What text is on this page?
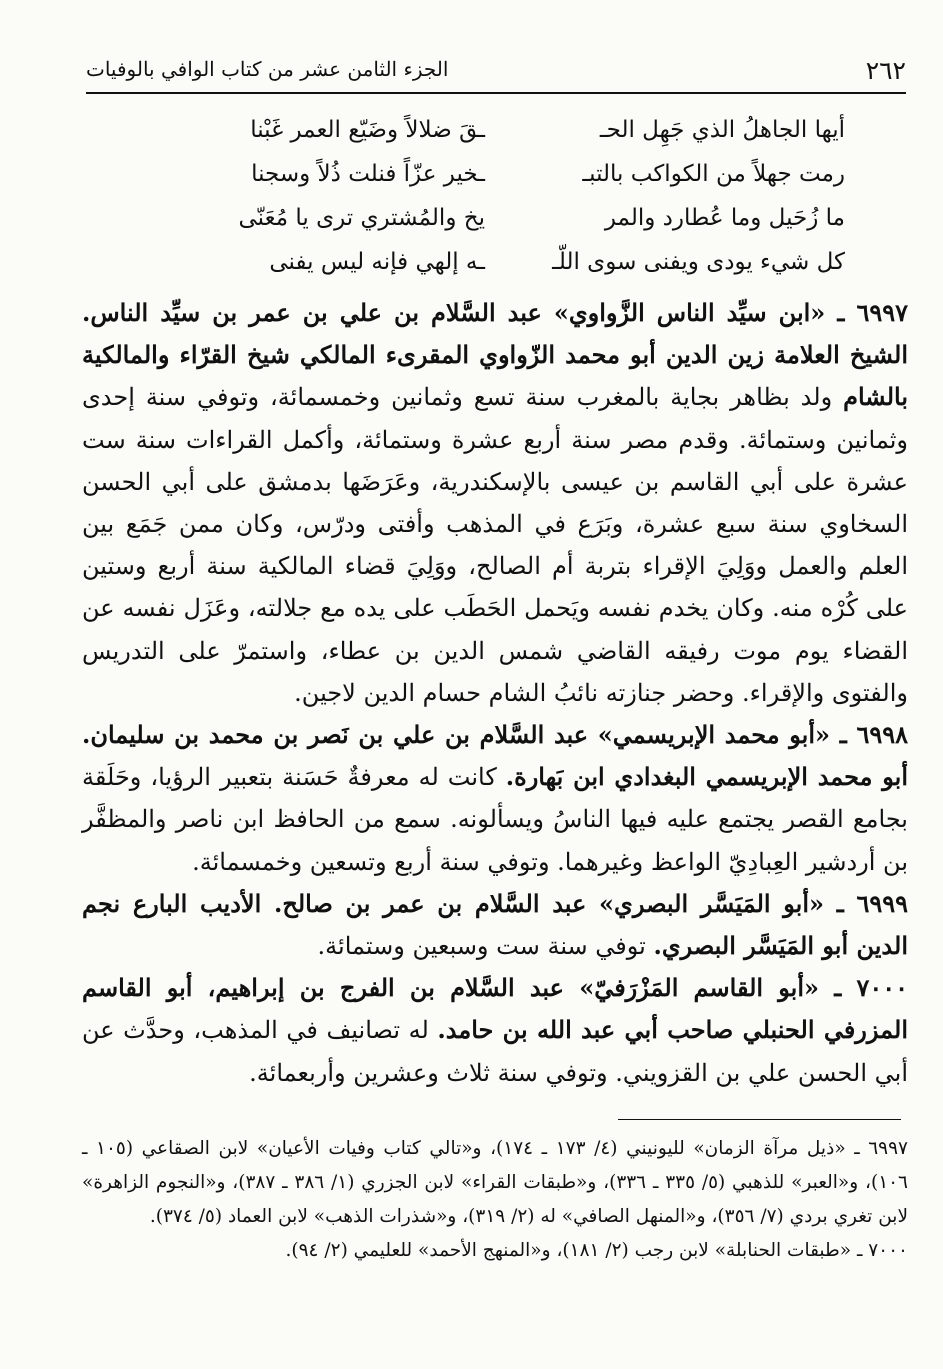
٢٦٢
الجزء الثامن عشر من كتاب الوافي بالوفيات
أيها الجاهلُ الذي جَهِل الحـ
ـقَ ضلالاً وضَيّع العمر غَبْنا
رمت جهلاً من الكواكب بالتبـ
ـخير عزّاً فنلت ذُلاً وسجنا
ما زُحَيل وما عُطارد والمر
يخ والمُشتري ترى يا مُعَنّى
كل شيء يودى ويفنى سوى اللّـ
ـه إلهي فإنه ليس يفنى

٦٩٩٧ ـ «ابن سيِّد الناس الزَّواوي» عبد السَّلام بن علي بن عمر بن سيِّد الناس. الشيخ العلامة زين الدين أبو محمد الزّواوي المقرىء المالكي شيخ القرّاء والمالكية بالشام ولد بظاهر بجاية بالمغرب سنة تسع وثمانين وخمسمائة، وتوفي سنة إحدى وثمانين وستمائة. وقدم مصر سنة أربع عشرة وستمائة، وأكمل القراءات سنة ست عشرة على أبي القاسم بن عيسى بالإسكندرية، وعَرَضَها بدمشق على أبي الحسن السخاوي سنة سبع عشرة، وبَرَع في المذهب وأفتى ودرّس، وكان ممن جَمَع بين العلم والعمل ووَلِيَ الإقراء بتربة أم الصالح، ووَلِيَ قضاء المالكية سنة أربع وستين على كُرْه منه. وكان يخدم نفسه ويَحمل الحَطَب على يده مع جلالته، وعَزَل نفسه عن القضاء يوم موت رفيقه القاضي شمس الدين بن عطاء، واستمرّ على التدريس والفتوى والإقراء. وحضر جنازته نائبُ الشام حسام الدين لاجين.

٦٩٩٨ ـ «أبو محمد الإبريسمي» عبد السَّلام بن علي بن نَصر بن محمد بن سليمان. أبو محمد الإبريسمي البغدادي ابن بَهارة. كانت له معرفةٌ حَسَنة بتعبير الرؤيا، وحَلَقة بجامع القصر يجتمع عليه فيها الناسُ ويسألونه. سمع من الحافظ ابن ناصر والمظفَّر بن أردشير العِبادِيّ الواعظ وغيرهما. وتوفي سنة أربع وتسعين وخمسمائة.

٦٩٩٩ ـ «أبو المَيَسَّر البصري» عبد السَّلام بن عمر بن صالح. الأديب البارع نجم الدين أبو المَيَسَّر البصري. توفي سنة ست وسبعين وستمائة.

٧٠٠٠ ـ «أبو القاسم المَزْرَفيّ» عبد السَّلام بن الفرج بن إبراهيم، أبو القاسم المزرفي الحنبلي صاحب أبي عبد الله بن حامد. له تصانيف في المذهب، وحدَّث عن أبي الحسن علي بن القزويني. وتوفي سنة ثلاث وعشرين وأربعمائة.

٦٩٩٧ ـ «ذيل مرآة الزمان» لليونيني (٤/ ١٧٣ ـ ١٧٤)، و«تالي كتاب وفيات الأعيان» لابن الصقاعي (١٠٥ ـ ١٠٦)، و«العبر» للذهبي (٥/ ٣٣٥ ـ ٣٣٦)، و«طبقات القراء» لابن الجزري (١/ ٣٨٦ ـ ٣٨٧)، و«النجوم الزاهرة» لابن تغري بردي (٧/ ٣٥٦)، و«المنهل الصافي» له (٢/ ٣١٩)، و«شذرات الذهب» لابن العماد (٥/ ٣٧٤).

٧٠٠٠ ـ «طبقات الحنابلة» لابن رجب (٢/ ١٨١)، و«المنهج الأحمد» للعليمي (٢/ ٩٤).
